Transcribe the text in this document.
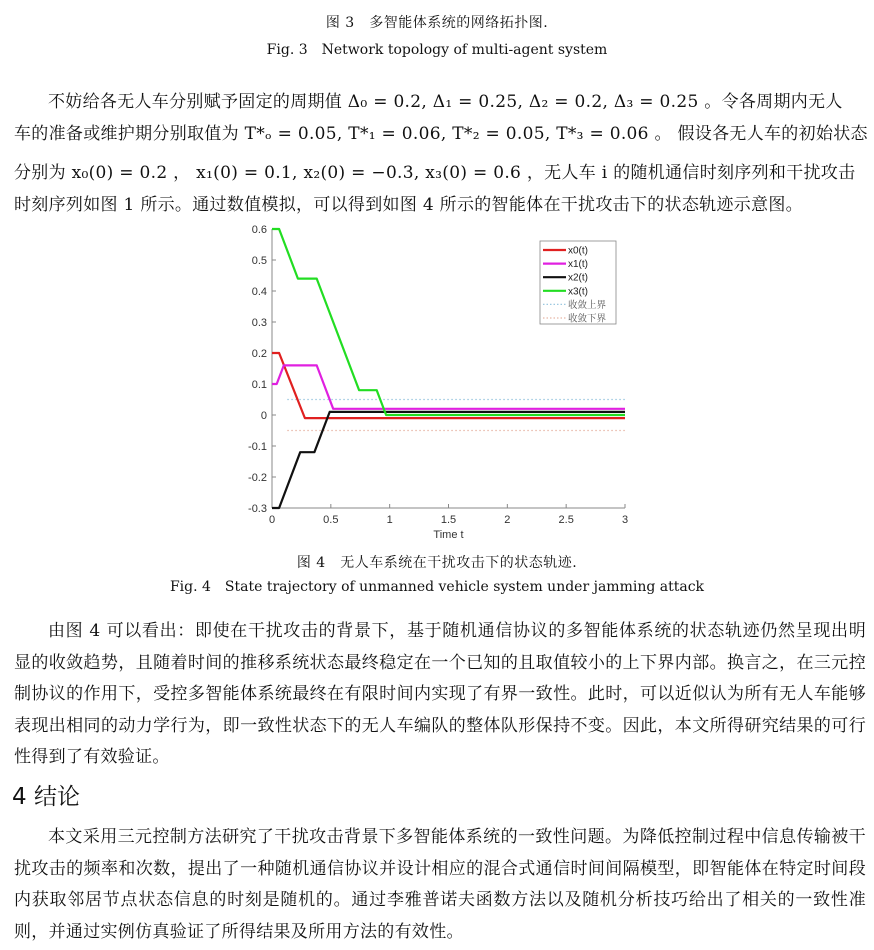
图 3　多智能体系统的网络拓扑图.
Fig. 3　Network topology of multi-agent system
不妨给各无人车分别赋予固定的周期值 Δ₀ = 0.2, Δ₁ = 0.25, Δ₂ = 0.2, Δ₃ = 0.25 。令各周期内无人
车的准备或维护期分别取值为 T*ₒ = 0.05, T*₁ = 0.06, T*₂ = 0.05, T*₃ = 0.06 。 假设各无人车的初始状态
分别为 x₀(0) = 0.2 ， x₁(0) = 0.1, x₂(0) = −0.3, x₃(0) = 0.6 ，无人车 i 的随机通信时刻序列和干扰攻击
时刻序列如图 1 所示。通过数值模拟，可以得到如图 4 所示的智能体在干扰攻击下的状态轨迹示意图。
-0.3
-0.2
-0.1
0
0.1
0.2
0.3
0.4
0.5
0.6
0	0.5	1	1.5	2	2.5	3
Time t
x0(t)
x1(t)
x2(t)
x3(t)
收敛上界
收敛下界
图 4　无人车系统在干扰攻击下的状态轨迹.
Fig. 4　State trajectory of unmanned vehicle system under jamming attack
由图 4 可以看出：即使在干扰攻击的背景下，基于随机通信协议的多智能体系统的状态轨迹仍然呈现出明显的收敛趋势，且随着时间的推移系统状态最终稳定在一个已知的且取值较小的上下界内部。换言之，在三元控制协议的作用下，受控多智能体系统最终在有限时间内实现了有界一致性。此时，可以近似认为所有无人车能够表现出相同的动力学行为，即一致性状态下的无人车编队的整体队形保持不变。因此，本文所得研究结果的可行性得到了有效验证。
4 结论
本文采用三元控制方法研究了干扰攻击背景下多智能体系统的一致性问题。为降低控制过程中信息传输被干扰攻击的频率和次数，提出了一种随机通信协议并设计相应的混合式通信时间间隔模型，即智能体在特定时间段内获取邻居节点状态信息的时刻是随机的。通过李雅普诺夫函数方法以及随机分析技巧给出了相关的一致性准则，并通过实例仿真验证了所得结果及所用方法的有效性。
